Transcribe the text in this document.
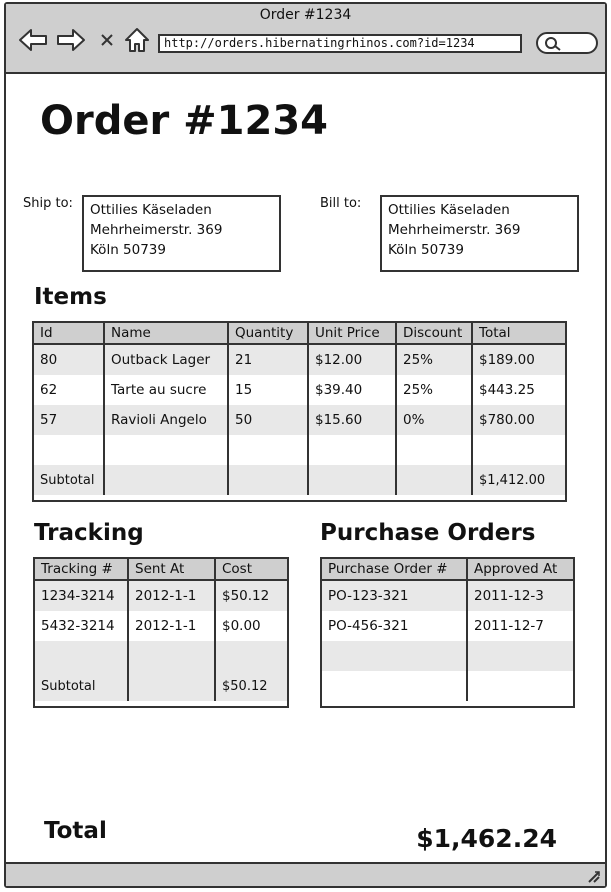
Order #1234
http://orders.hibernatingrhinos.com?id=1234
Order #1234
Ship to: Ottilies Käseladen
Mehrheimerstr. 369
Köln 50739
Bill to: Ottilies Käseladen
Mehrheimerstr. 369
Köln 50739
Items
Id	Name	Quantity	Unit Price	Discount	Total
80	Outback Lager	21	$12.00	25%	$189.00
62	Tarte au sucre	15	$39.40	25%	$443.25
57	Ravioli Angelo	50	$15.60	0%	$780.00

Subtotal					$1,412.00
Tracking
Tracking #	Sent At	Cost
1234-3214	2012-1-1	$50.12
5432-3214	2012-1-1	$0.00

Subtotal		$50.12
Purchase Orders
Purchase Order #	Approved At
PO-123-321	2011-12-3
PO-456-321	2011-12-7

Total	$1,462.24
